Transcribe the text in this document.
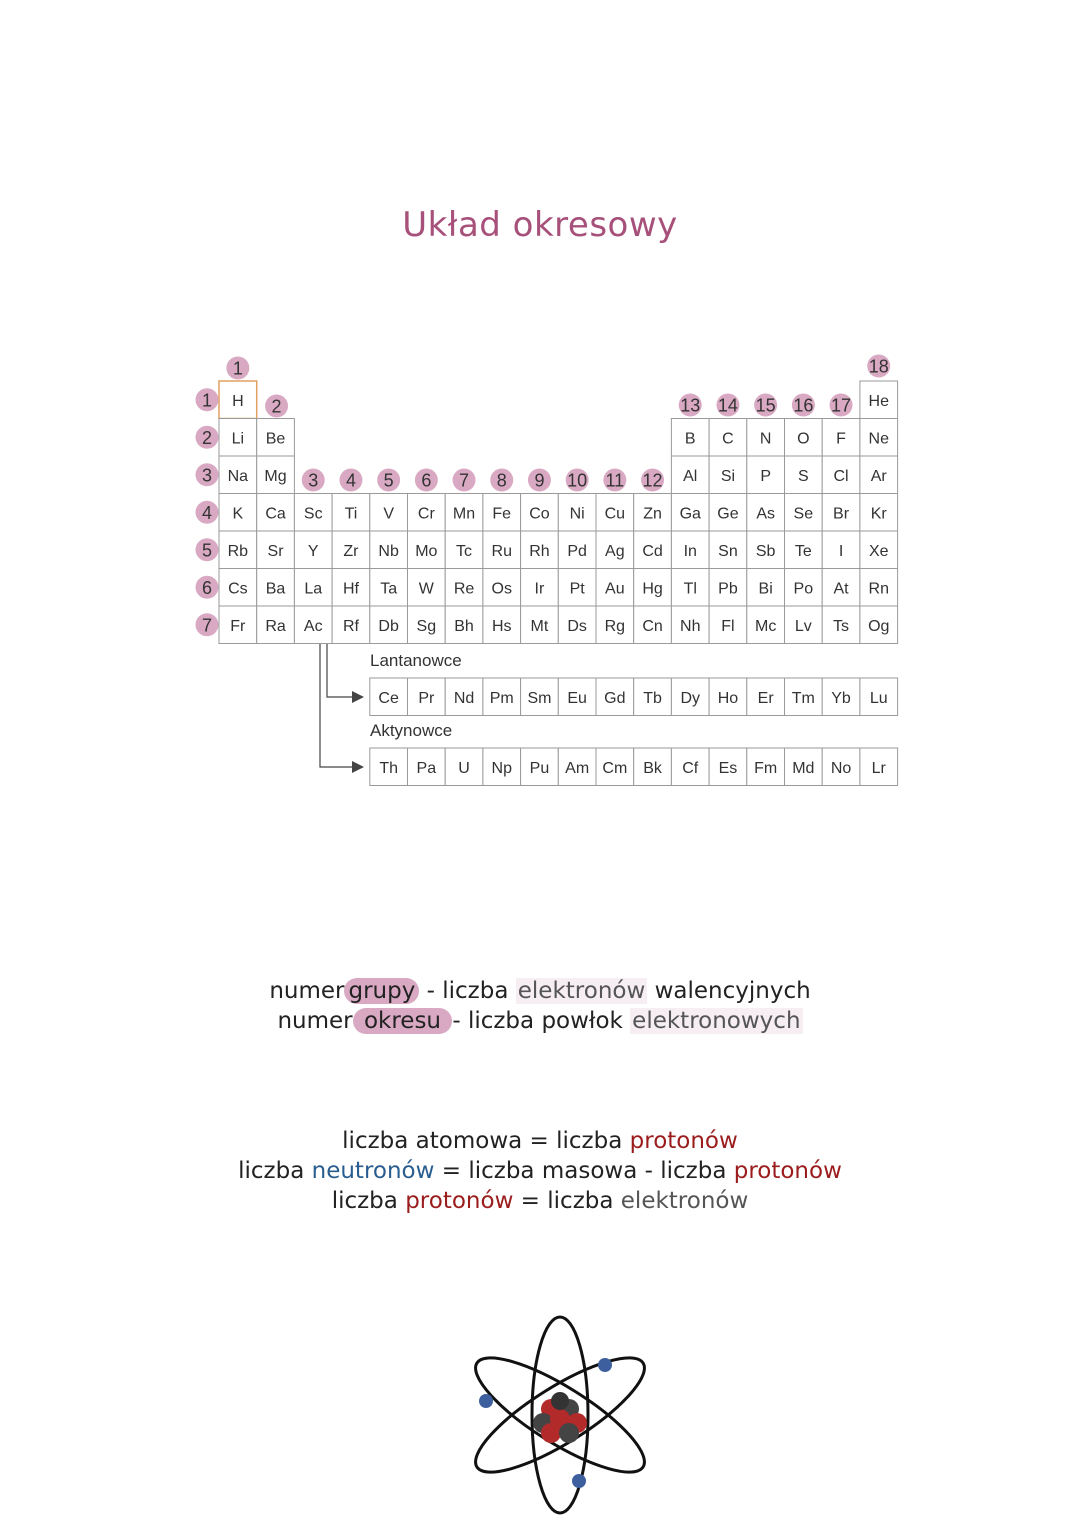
Układ okresowy
H	He
Li Be	B C N O F Ne
Na Mg	Al Si P S Cl Ar
K Ca Sc Ti V Cr Mn Fe Co Ni Cu Zn Ga Ge As Se Br Kr
Rb Sr Y Zr Nb Mo Tc Ru Rh Pd Ag Cd In Sn Sb Te I Xe
Cs Ba La Hf Ta W Re Os Ir Pt Au Hg Tl Pb Bi Po At Rn
Fr Ra Ac Rf Db Sg Bh Hs Mt Ds Rg Cn Nh Fl Mc Lv Ts Og
Ce Pr Nd Pm Sm Eu Gd Tb Dy Ho Er Tm Yb Lu
Th Pa U Np Pu Am Cm Bk Cf Es Fm Md No Lr
1
2
3 4 5 6 7 8 9 10 11 12
13 14 15 16 17
18
1
2
3
4
5
6
7
Lantanowce
Aktynowce
numer grupy - liczba elektronów walencyjnych
numer okresu - liczba powłok elektronowych
liczba atomowa = liczba protonów
liczba neutronów = liczba masowa - liczba protonów
liczba protonów = liczba elektronów
